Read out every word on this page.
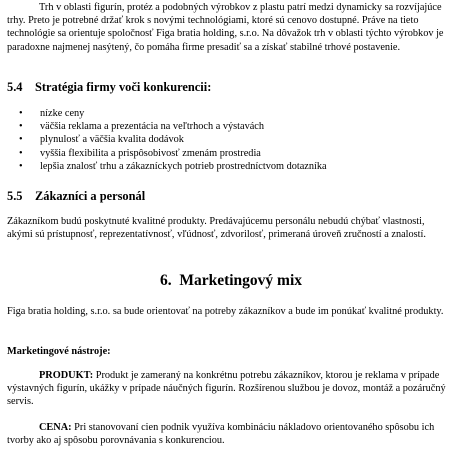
Trh v oblasti figurín, protéz a podobných výrobkov z plastu patrí medzi dynamicky sa rozvíjajúce trhy. Preto je potrebné držať krok s novými technológiami, ktoré sú cenovo dostupné. Práve na tieto technológie sa orientuje spoločnosť Figa bratia holding, s.r.o. Na dôvažok trh v oblasti týchto výrobkov je paradoxne najmenej nasýtený, čo pomáha firme presadiť sa a získať stabilné trhové postavenie.
5.4 Stratégia firmy voči konkurencii:
• nízke ceny
• väčšia reklama a prezentácia na veľtrhoch a výstavách
• plynulosť a väčšia kvalita dodávok
• vyššia flexibilita a prispôsobivosť zmenám prostredia
• lepšia znalosť trhu a zákazníckych potrieb prostredníctvom dotazníka
5.5 Zákazníci a personál
Zákazníkom budú poskytnuté kvalitné produkty. Predávajúcemu personálu nebudú chýbať vlastnosti, akými sú prístupnosť, reprezentatívnosť, vľúdnosť, zdvorilosť, primeraná úroveň zručností a znalostí.
6. Marketingový mix
Figa bratia holding, s.r.o. sa bude orientovať na potreby zákazníkov a bude im ponúkať kvalitné produkty.
Marketingové nástroje:
PRODUKT: Produkt je zameraný na konkrétnu potrebu zákazníkov, ktorou je reklama v prípade výstavných figurín, ukážky v prípade náučných figurín. Rozšírenou službou je dovoz, montáž a pozáručný servis.
CENA: Pri stanovovaní cien podnik využíva kombináciu nákladovo orientovaného spôsobu ich tvorby ako aj spôsobu porovnávania s konkurenciou.
